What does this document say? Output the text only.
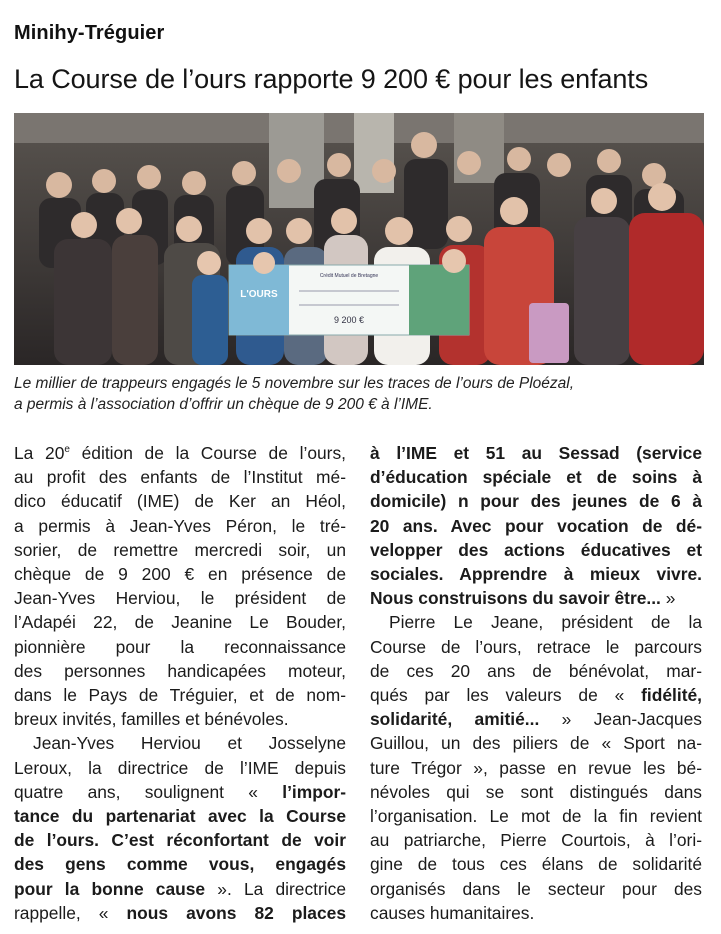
Minihy-Tréguier
La Course de l’ours rapporte 9 200 € pour les enfants
L'OURS
Crédit Mutuel de Bretagne
9 200 €

Le millier de trappeurs engagés le 5 novembre sur les traces de l’ours de Ploézal,
a permis à l’association d’offrir un chèque de 9 200 € à l’IME.

La 20e édition de la Course de l’ours,
au profit des enfants de l’Institut mé-
dico éducatif (IME) de Ker an Héol,
a permis à Jean-Yves Péron, le tré-
sorier, de remettre mercredi soir, un
chèque de 9 200 € en présence de
Jean-Yves Herviou, le président de
l’Adapéi 22, de Jeanine Le Bouder,
pionnière pour la reconnaissance
des personnes handicapées moteur,
dans le Pays de Tréguier, et de nom-
breux invités, familles et bénévoles.
Jean-Yves Herviou et Josselyne
Leroux, la directrice de l’IME depuis
quatre ans, soulignent « l’impor-
tance du partenariat avec la Course
de l’ours. C’est réconfortant de voir
des gens comme vous, engagés
pour la bonne cause ». La directrice
rappelle, « nous avons 82 places
à l’IME et 51 au Sessad (service
d’éducation spéciale et de soins à
domicile) n pour des jeunes de 6 à
20 ans. Avec pour vocation de dé-
velopper des actions éducatives et
sociales. Apprendre à mieux vivre.
Nous construisons du savoir être... »
Pierre Le Jeane, président de la
Course de l’ours, retrace le parcours
de ces 20 ans de bénévolat, mar-
qués par les valeurs de « fidélité,
solidarité, amitié... » Jean-Jacques
Guillou, un des piliers de « Sport na-
ture Trégor », passe en revue les bé-
névoles qui se sont distingués dans
l’organisation. Le mot de la fin revient
au patriarche, Pierre Courtois, à l’ori-
gine de tous ces élans de solidarité
organisés dans le secteur pour des
causes humanitaires.
